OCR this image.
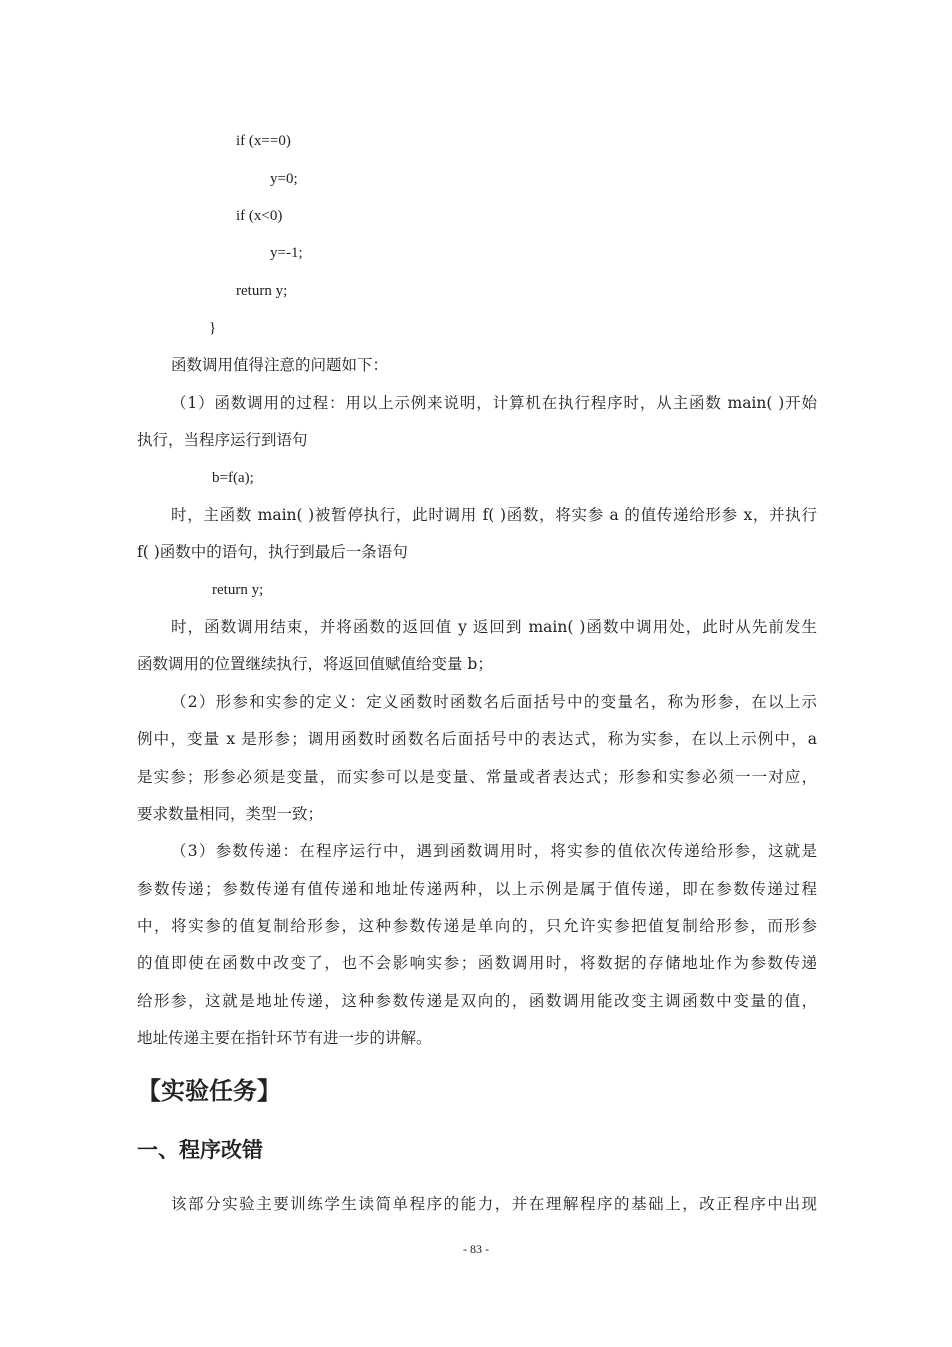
if (x==0)
y=0;
if (x<0)
y=-1;
return y;
}
函数调用值得注意的问题如下：
（1）函数调用的过程：用以上示例来说明，计算机在执行程序时，从主函数 main( )开始
执行，当程序运行到语句
b=f(a);
时，主函数 main( )被暂停执行，此时调用 f( )函数，将实参 a 的值传递给形参 x，并执行
f( )函数中的语句，执行到最后一条语句
return y;
时，函数调用结束，并将函数的返回值 y 返回到 main( )函数中调用处，此时从先前发生
函数调用的位置继续执行，将返回值赋值给变量 b；
（2）形参和实参的定义：定义函数时函数名后面括号中的变量名，称为形参，在以上示
例中，变量 x 是形参；调用函数时函数名后面括号中的表达式，称为实参，在以上示例中，a
是实参；形参必须是变量，而实参可以是变量、常量或者表达式；形参和实参必须一一对应，
要求数量相同，类型一致；
（3）参数传递：在程序运行中，遇到函数调用时，将实参的值依次传递给形参，这就是
参数传递；参数传递有值传递和地址传递两种，以上示例是属于值传递，即在参数传递过程
中，将实参的值复制给形参，这种参数传递是单向的，只允许实参把值复制给形参，而形参
的值即使在函数中改变了，也不会影响实参；函数调用时，将数据的存储地址作为参数传递
给形参，这就是地址传递，这种参数传递是双向的，函数调用能改变主调函数中变量的值，
地址传递主要在指针环节有进一步的讲解。
【实验任务】
一、程序改错
该部分实验主要训练学生读简单程序的能力，并在理解程序的基础上，改正程序中出现
- 83 -
